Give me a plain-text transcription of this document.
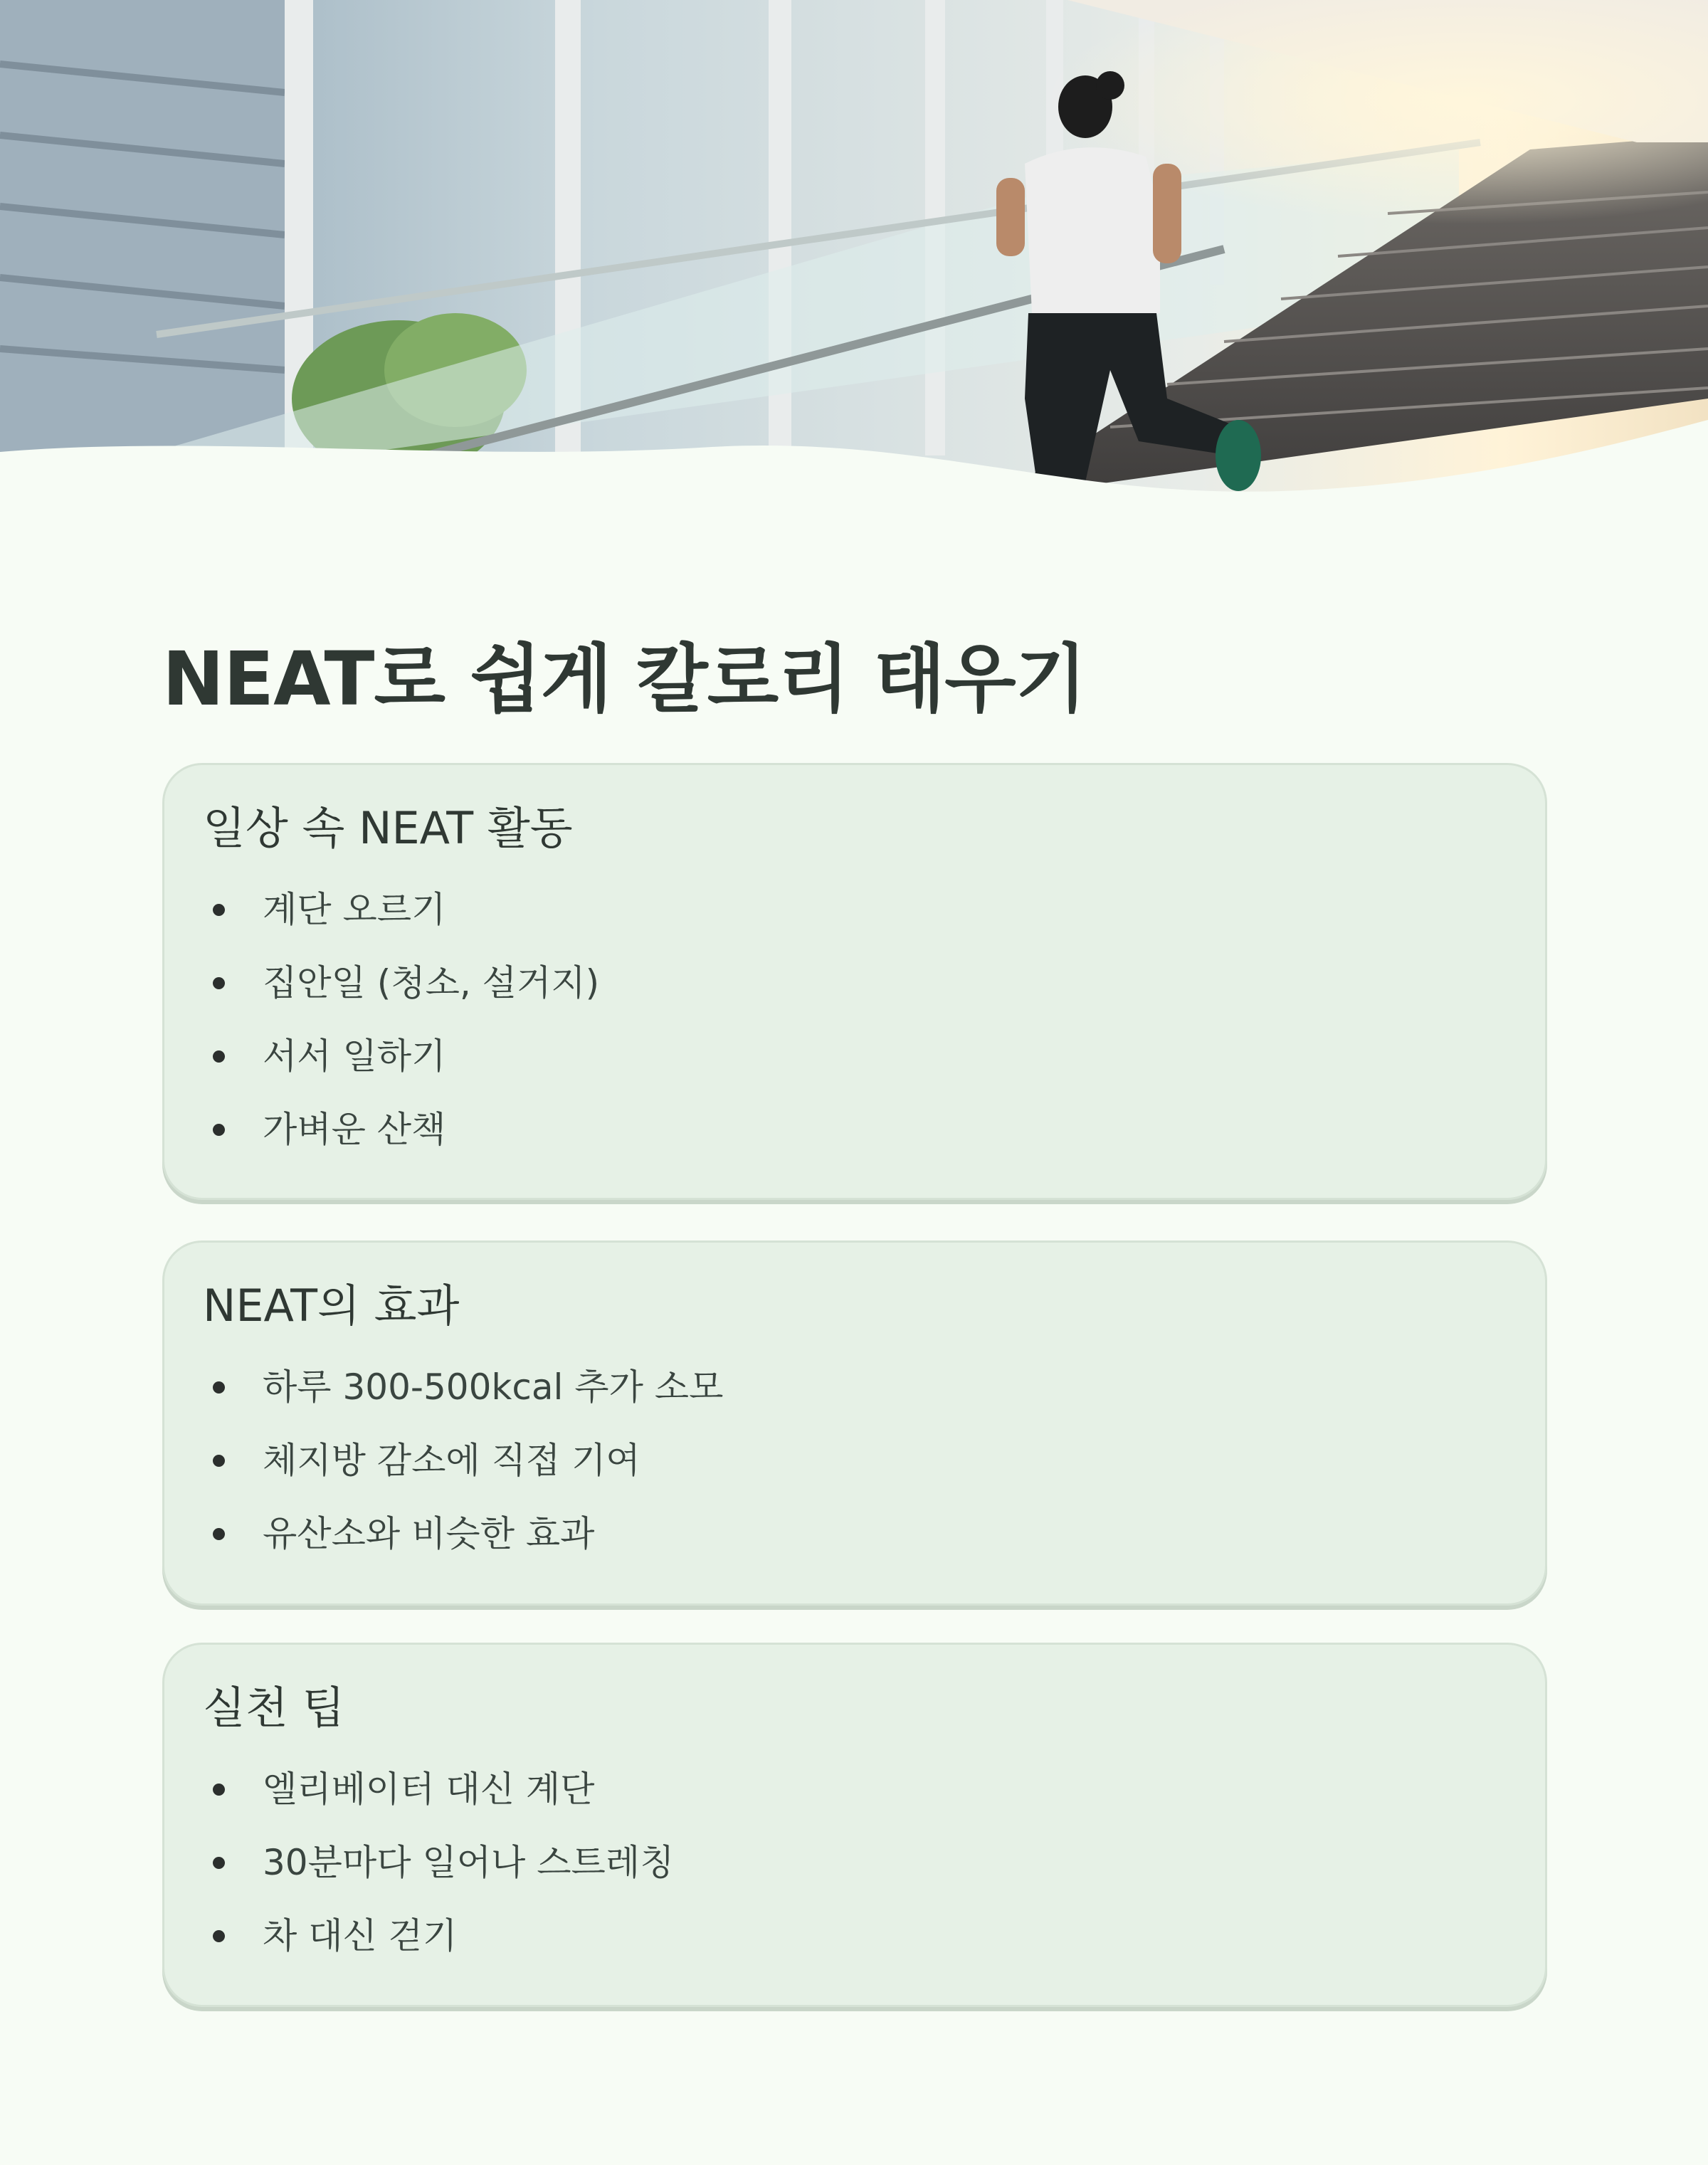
NEAT로 쉽게 칼로리 태우기
일상 속 NEAT 활동
계단 오르기
집안일 (청소, 설거지)
서서 일하기
가벼운 산책
NEAT의 효과
하루 300-500kcal 추가 소모
체지방 감소에 직접 기여
유산소와 비슷한 효과
실천 팁
엘리베이터 대신 계단
30분마다 일어나 스트레칭
차 대신 걷기
